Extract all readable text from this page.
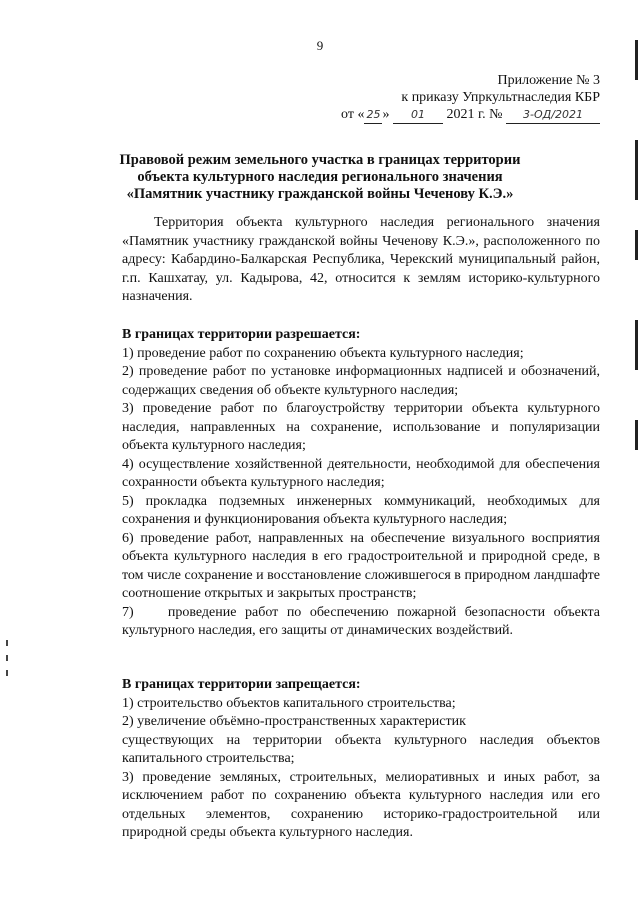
9
Приложение № 3
к приказу Упркультнаследия КБР
от « 25 » 01 2021 г. № 3-ОД/2021
Правовой режим земельного участка в границах территории
объекта культурного наследия регионального значения
«Памятник участнику гражданской войны Чеченову К.Э.»

Территория объекта культурного наследия регионального значения «Памятник участнику гражданской войны Чеченову К.Э.», расположенного по адресу: Кабардино-Балкарская Республика, Черекский муниципальный район, г.п. Кашхатау, ул. Кадырова, 42, относится к землям историко-культурного назначения.

В границах территории разрешается:

1) проведение работ по сохранению объекта культурного наследия;

2) проведение работ по установке информационных надписей и обозначений, содержащих сведения об объекте культурного наследия;

3) проведение работ по благоустройству территории объекта культурного наследия, направленных на сохранение, использование и популяризации объекта культурного наследия;

4) осуществление хозяйственной деятельности, необходимой для обеспечения сохранности объекта культурного наследия;

5) прокладка подземных инженерных коммуникаций, необходимых для сохранения и функционирования объекта культурного наследия;

6) проведение работ, направленных на обеспечение визуального восприятия объекта культурного наследия в его градостроительной и природной среде, в том числе сохранение и восстановление сложившегося в природном ландшафте соотношение открытых и закрытых пространств;

7)    проведение работ по обеспечению пожарной безопасности объекта культурного наследия, его защиты от динамических воздействий.

В границах территории запрещается:

1) строительство объектов капитального строительства;

2) увеличение объёмно-пространственных характеристик

существующих на территории объекта культурного наследия объектов капитального строительства;

3) проведение земляных, строительных, мелиоративных и иных работ, за исключением работ по сохранению объекта культурного наследия или его отдельных элементов, сохранению историко-градостроительной или природной среды объекта культурного наследия.
